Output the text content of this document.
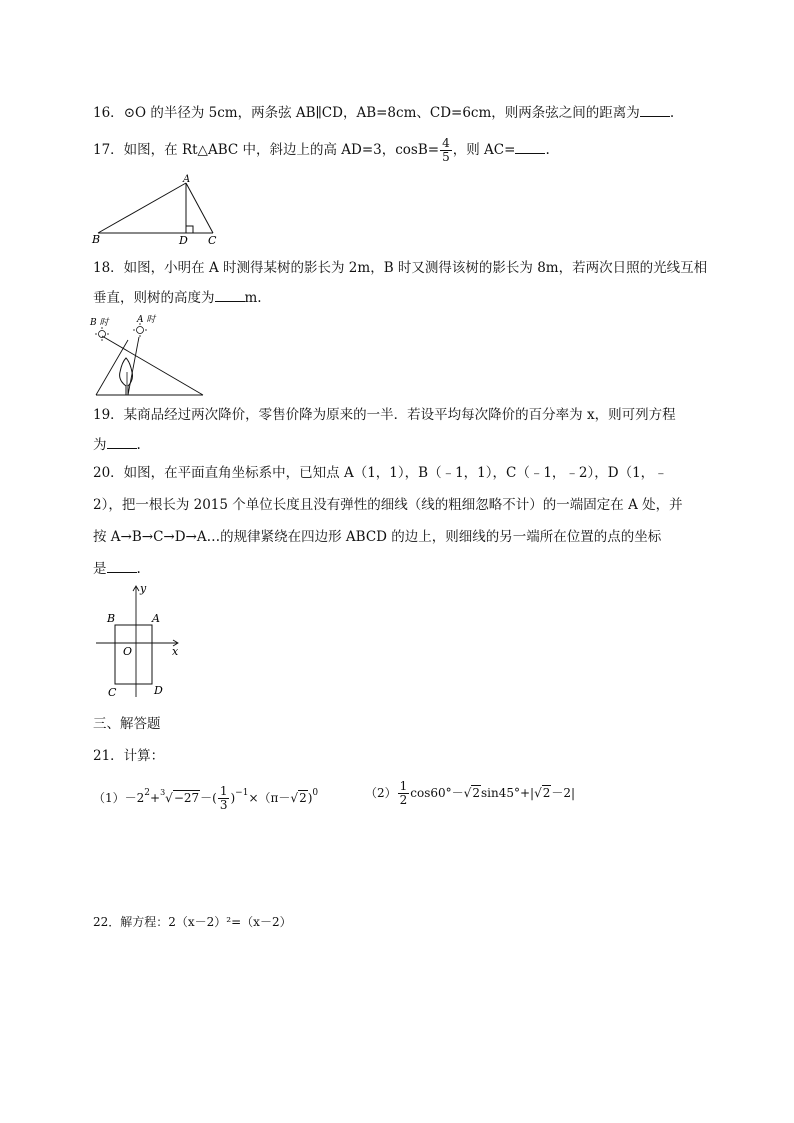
16．⊙O 的半径为 5cm，两条弦 AB∥CD，AB=8cm、CD=6cm，则两条弦之间的距离为 .
17．如图，在 Rt△ABC 中，斜边上的高 AD=3，$\cos B= \frac{4}{5}$ ，则 AC= .
A
B	D C
18．如图，小明在 A 时测得某树的影长为 2m，B 时又测得该树的影长为 8m，若两次日照的光线互相
垂直，则树的高度为 m.
B 时	A 时
19．某商品经过两次降价，零售价降为原来的一半．若设平均每次降价的百分率为 x，则可列方程
为 .
20．如图，在平面直角坐标系中，已知点 A（1，1），B（﹣1，1），C（﹣1，﹣2），D（1，﹣
2），把一根长为 2015 个单位长度且没有弹性的细线（线的粗细忽略不计）的一端固定在 A 处，并
按 A→B→C→D→A…的规律紧绕在四边形 ABCD 的边上，则细线的另一端所在位置的点的坐标
是 .
y
x
O
B	A
C	D
三、解答题
21．计算：
$(1)-2^2+^3√-27-( \frac{1}{3} )^{-1}\times(\pi-√2)^0$	$(2) \frac{1}{2} \cos 60^\circ-√2\sin 45^\circ+|√2-2|$
22．解方程：2（x－2）²=（x－2）
